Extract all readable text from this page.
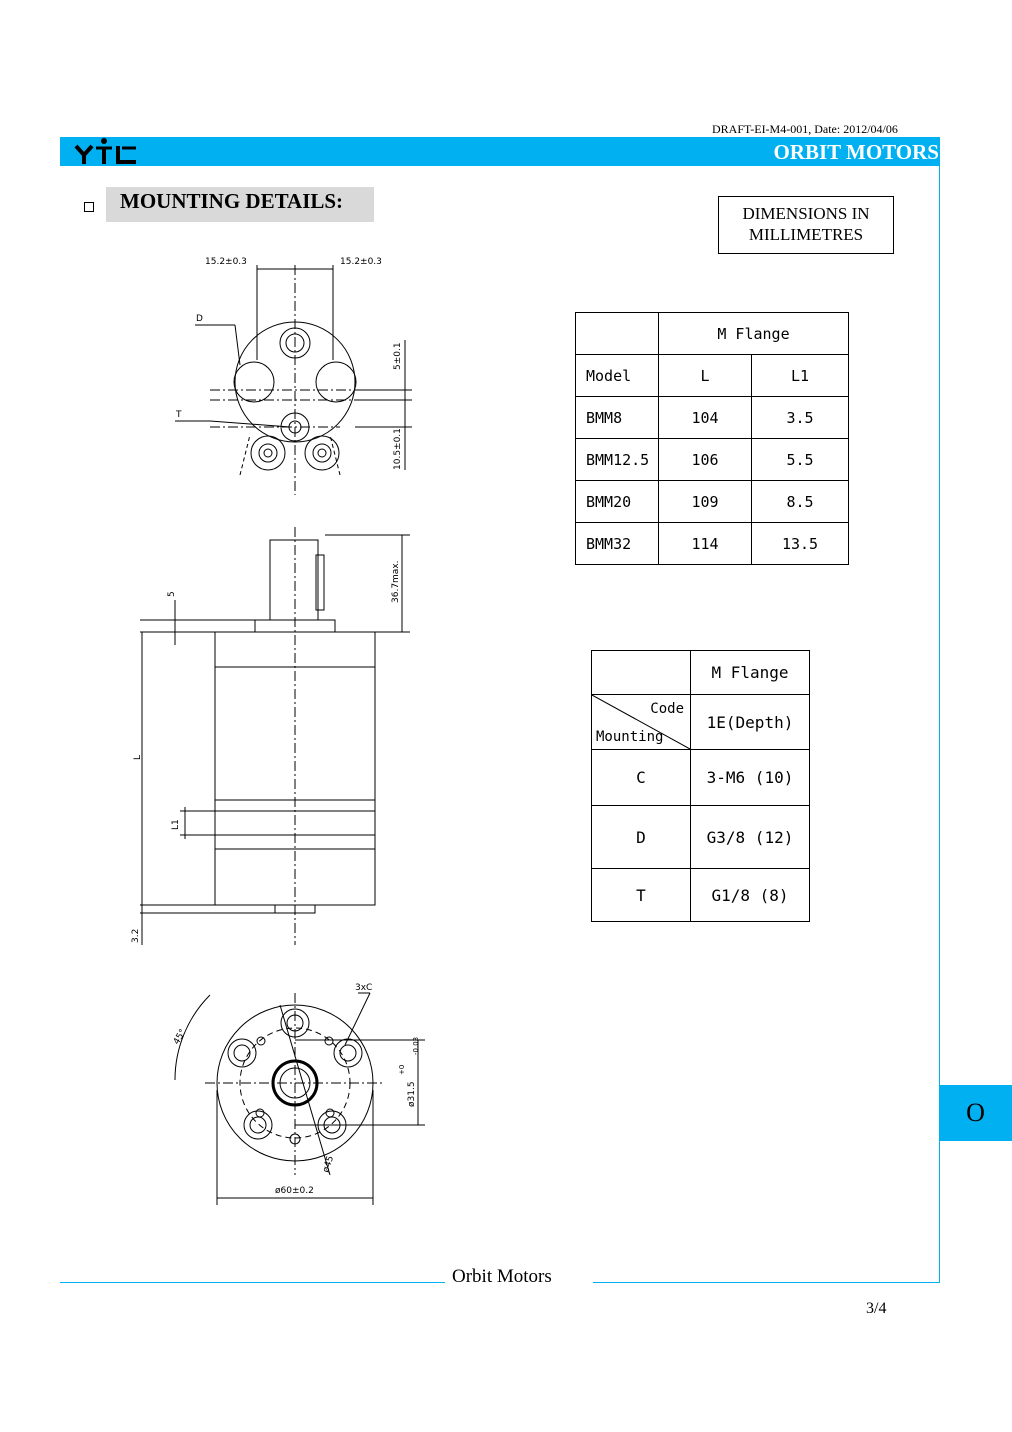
DRAFT-EI-M4-001, Date: 2012/04/06
ORBIT MOTORS
MOUNTING DETAILS:
DIMENSIONS IN
MILLIMETRES
15.2±0.3	15.2±0.3
D
T
5±0.1
10.5±0.1
5	36.7max.
L
L1
3.2
45°
3xC
ø31.5
+0
-0.03
ø45
ø60±0.2
	M Flange	
Model	L	L1
BMM8	104	3.5
BMM12.5	106	5.5
BMM20	109	8.5
BMM32	114	13.5
	M Flange

Code
Mounting	1E(Depth)
C	3-M6 (10)
D	G3/8 (12)
T	G1/8 (8)
O
Orbit Motors
3/4
